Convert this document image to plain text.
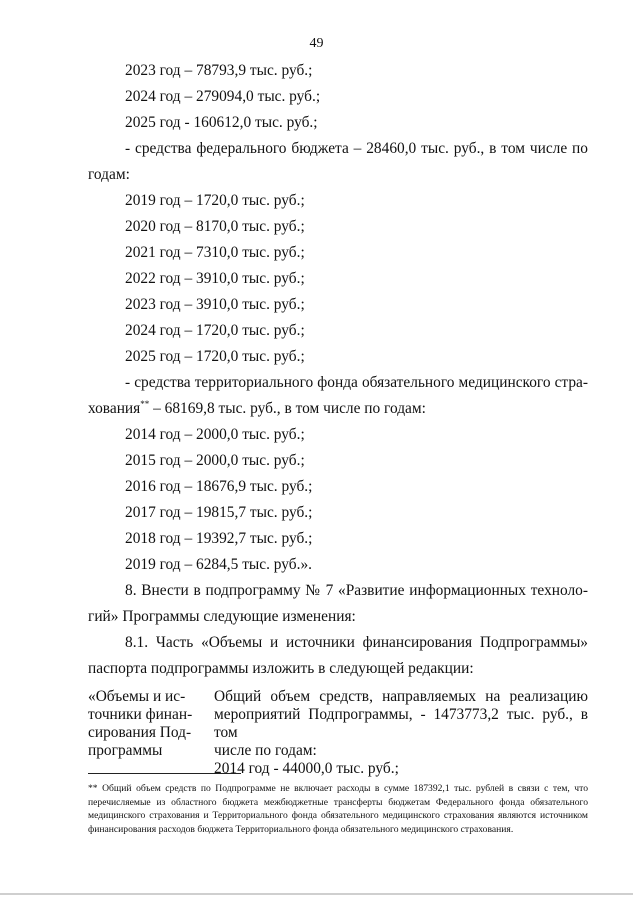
49
2023 год – 78793,9 тыс. руб.;
2024 год – 279094,0 тыс. руб.;
2025 год - 160612,0 тыс. руб.;
- средства федерального бюджета – 28460,0 тыс. руб., в том числе по
годам:
2019 год – 1720,0 тыс. руб.;
2020 год – 8170,0 тыс. руб.;
2021 год – 7310,0 тыс. руб.;
2022 год – 3910,0 тыс. руб.;
2023 год – 3910,0 тыс. руб.;
2024 год – 1720,0 тыс. руб.;
2025 год – 1720,0 тыс. руб.;
- средства территориального фонда обязательного медицинского стра-
хования** – 68169,8 тыс. руб., в том числе по годам:
2014 год – 2000,0 тыс. руб.;
2015 год – 2000,0 тыс. руб.;
2016 год – 18676,9 тыс. руб.;
2017 год – 19815,7 тыс. руб.;
2018 год – 19392,7 тыс. руб.;
2019 год – 6284,5 тыс. руб.».
8. Внести в подпрограмму № 7 «Развитие информационных техноло-
гий» Программы следующие изменения:
8.1. Часть «Объемы и источники финансирования Подпрограммы»
паспорта подпрограммы изложить в следующей редакции:
«Объемы и ис-
точники финан-
сирования Под-
программы
Общий объем средств, направляемых на реализацию
мероприятий Подпрограммы, - 1473773,2 тыс. руб., в том
числе по годам:
2014 год - 44000,0 тыс. руб.;
** Общий объем средств по Подпрограмме не включает расходы в сумме 187392,1 тыс. рублей в связи с тем, что перечисляемые из областного бюджета межбюджетные трансферты бюджетам Федерального фонда обязательного медицинского страхования и Территориального фонда обязательного медицинского страхования являются источником финансирования расходов бюджета Территориального фонда обязательного медицинского страхования.
